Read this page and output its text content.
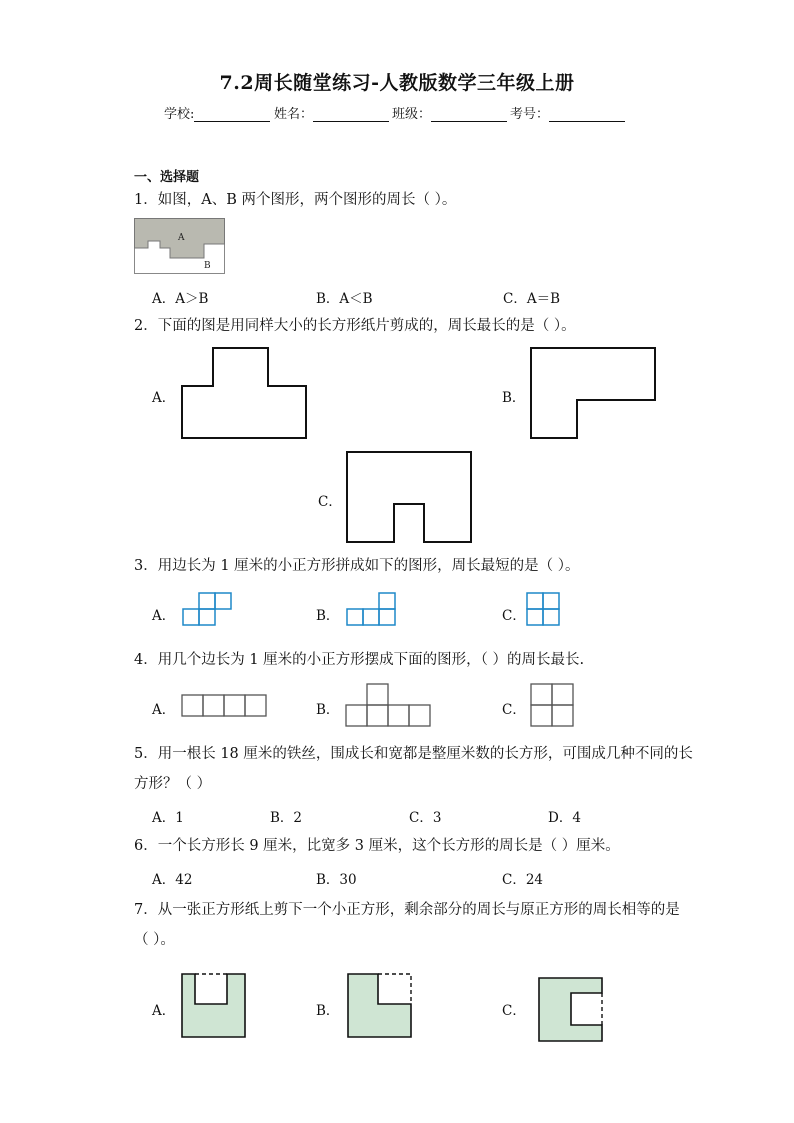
7.2周长随堂练习-人教版数学三年级上册
学校:	姓名：	班级：	考号：
一、选择题
1．如图，A、B 两个图形，两个图形的周长（ ）。
A
B
A．A＞B	B．A＜B	C．A＝B
2．下面的图是用同样大小的长方形纸片剪成的，周长最长的是（ ）。
A．	B．
C．
3．用边长为 1 厘米的小正方形拼成如下的图形，周长最短的是（ ）。
A．	B．	C．
4．用几个边长为 1 厘米的小正方形摆成下面的图形，（ ）的周长最长.
A．	B．	C．
5．用一根长 18 厘米的铁丝，围成长和宽都是整厘米数的长方形，可围成几种不同的长
方形？（ ）
A．1	B．2	C．3	D．4
6．一个长方形长 9 厘米，比宽多 3 厘米，这个长方形的周长是（ ）厘米。
A．42	B．30	C．24
7．从一张正方形纸上剪下一个小正方形，剩余部分的周长与原正方形的周长相等的是
（ ）。
A．	B．	C．
